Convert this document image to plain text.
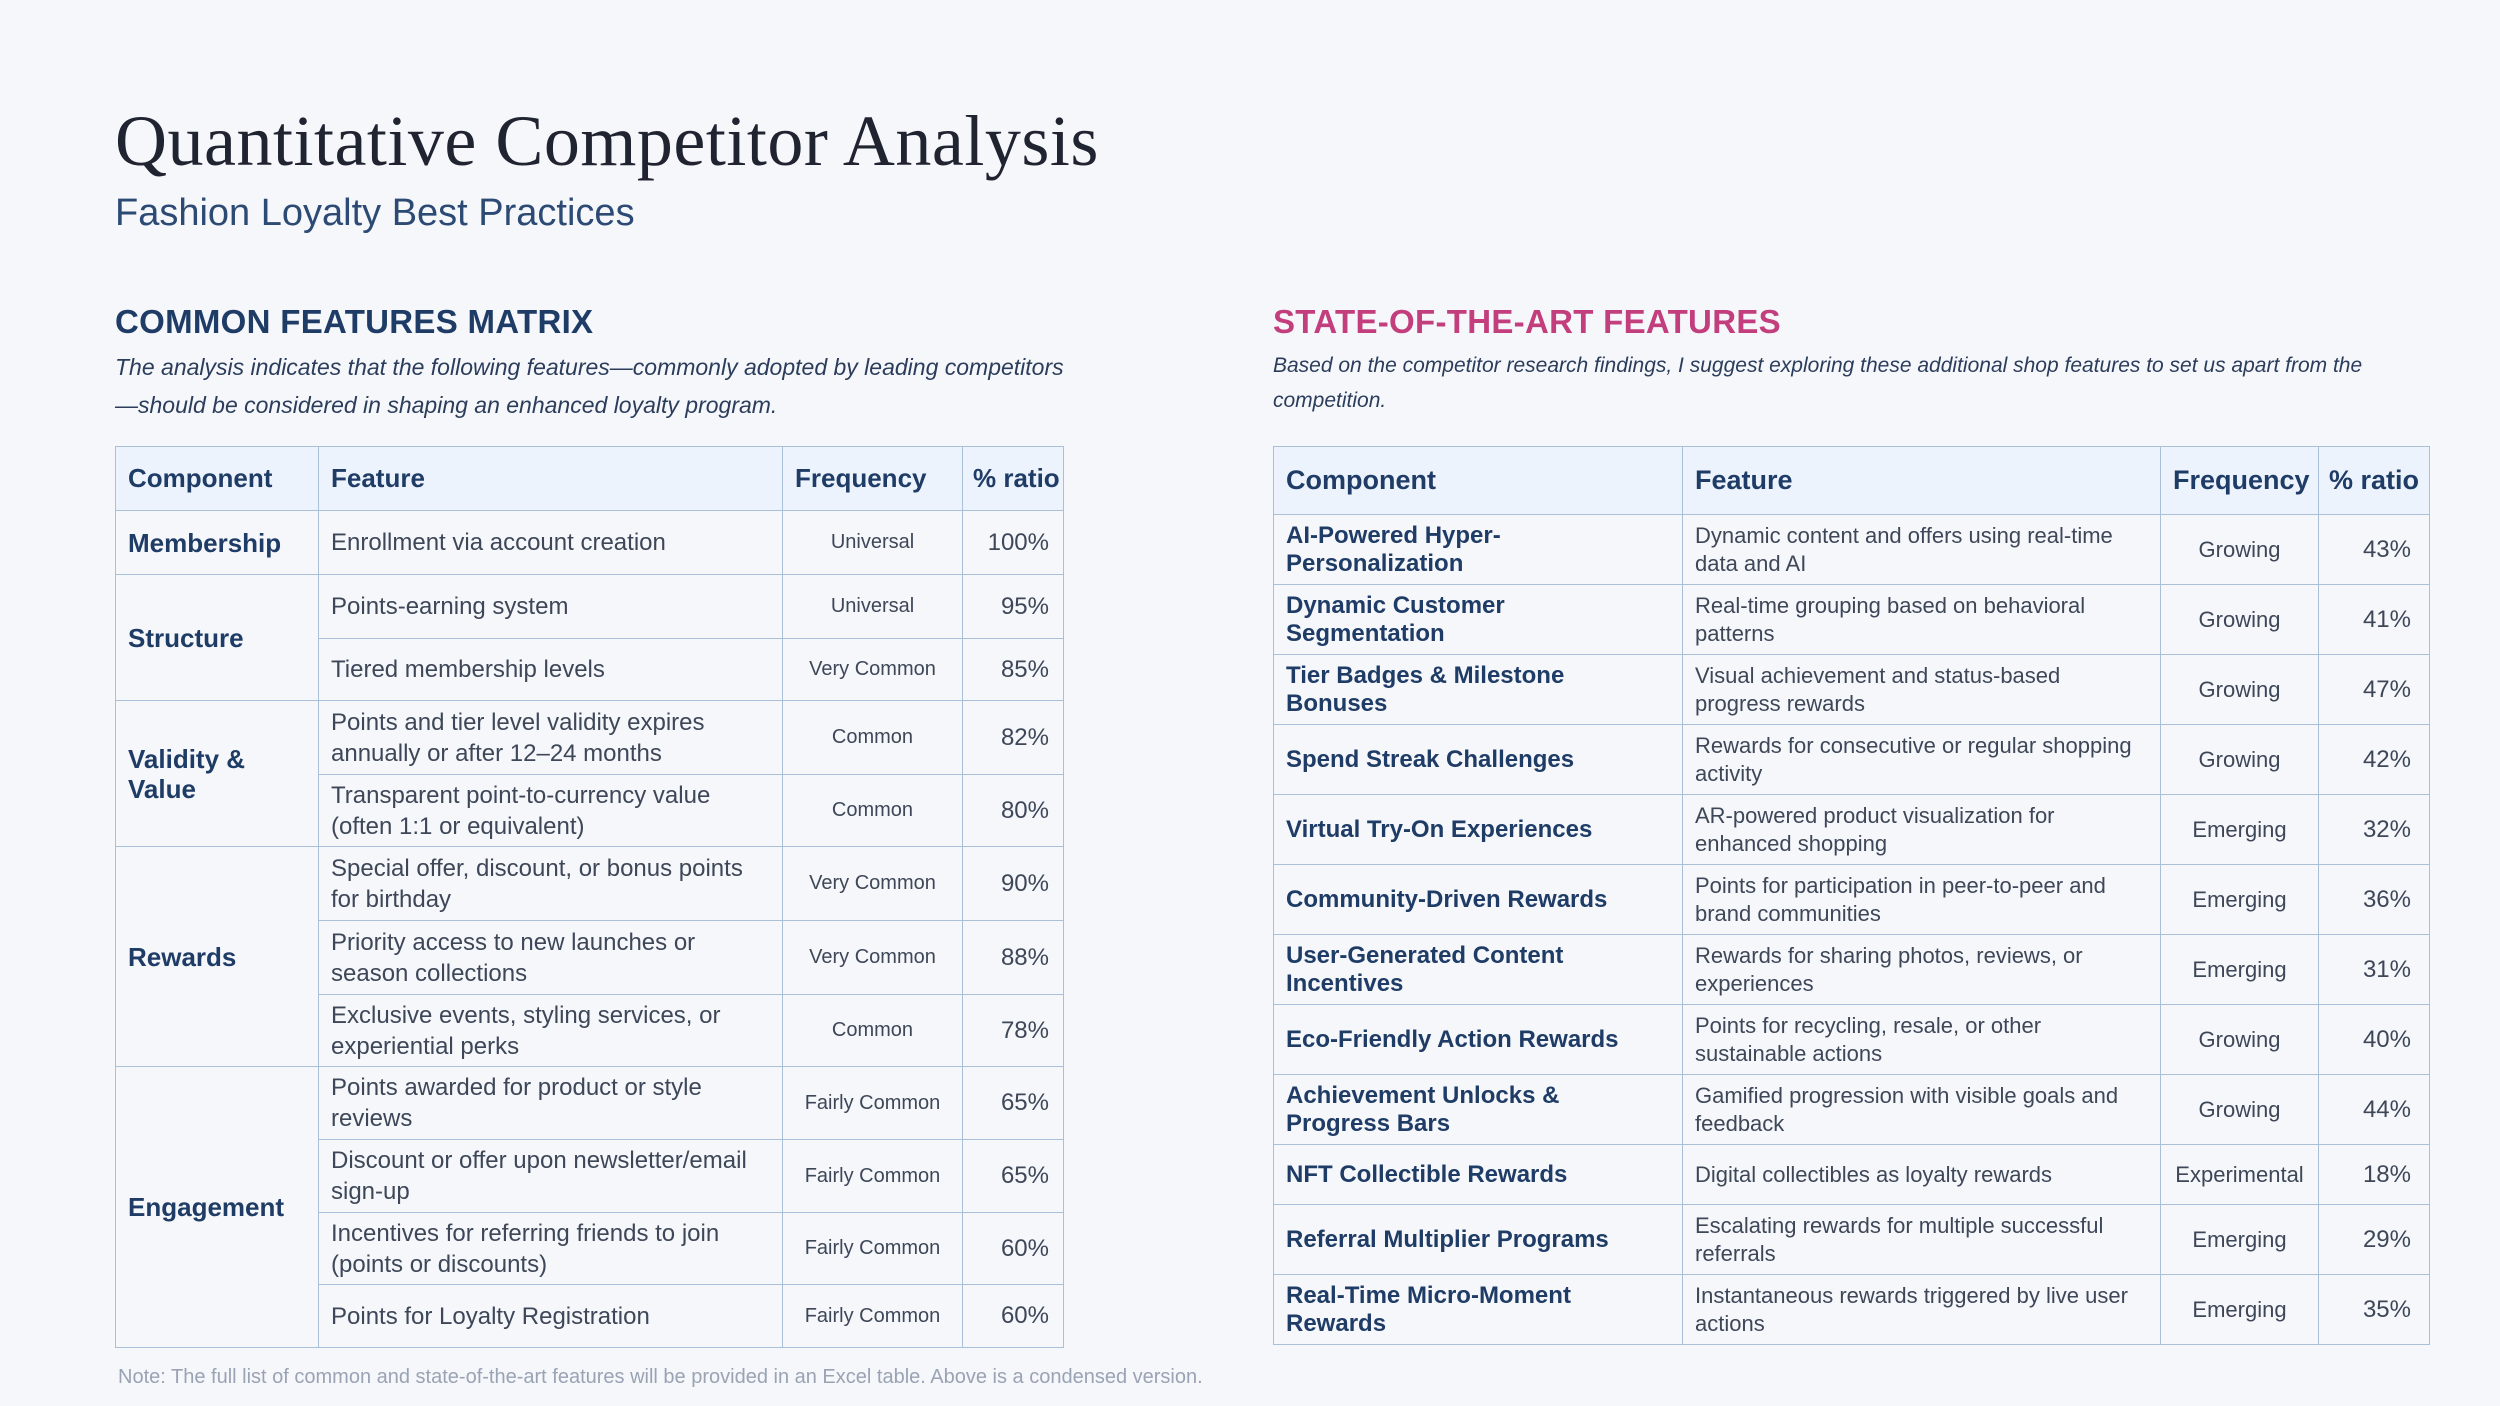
Quantitative Competitor Analysis
Fashion Loyalty Best Practices
COMMON FEATURES MATRIX

The analysis indicates that the following features—commonly adopted by leading competitors—should be considered in shaping an enhanced loyalty program.

Component	Feature	Frequency	% ratio
Membership	Enrollment via account creation	Universal	100%
Structure	Points-earning system	Universal	95%
	Tiered membership levels	Very Common	85%
Validity & Value	Points and tier level validity expires annually or after 12–24 months	Common	82%
	Transparent point-to-currency value (often 1:1 or equivalent)	Common	80%
Rewards	Special offer, discount, or bonus points for birthday	Very Common	90%
	Priority access to new launches or season collections	Very Common	88%
	Exclusive events, styling services, or experiential perks	Common	78%
Engagement	Points awarded for product or style reviews	Fairly Common	65%
	Discount or offer upon newsletter/email sign-up	Fairly Common	65%
	Incentives for referring friends to join (points or discounts)	Fairly Common	60%
	Points for Loyalty Registration	Fairly Common	60%
STATE-OF-THE-ART FEATURES

Based on the competitor research findings, I suggest exploring these additional shop features to set us apart from the competition.

Component	Feature	Frequency	% ratio
AI-Powered Hyper-Personalization	Dynamic content and offers using real-time data and AI	Growing	43%
Dynamic Customer Segmentation	Real-time grouping based on behavioral patterns	Growing	41%
Tier Badges & Milestone Bonuses	Visual achievement and status-based progress rewards	Growing	47%
Spend Streak Challenges	Rewards for consecutive or regular shopping activity	Growing	42%
Virtual Try-On Experiences	AR-powered product visualization for enhanced shopping	Emerging	32%
Community-Driven Rewards	Points for participation in peer-to-peer and brand communities	Emerging	36%
User-Generated Content Incentives	Rewards for sharing photos, reviews, or experiences	Emerging	31%
Eco-Friendly Action Rewards	Points for recycling, resale, or other sustainable actions	Growing	40%
Achievement Unlocks & Progress Bars	Gamified progression with visible goals and feedback	Growing	44%
NFT Collectible Rewards	Digital collectibles as loyalty rewards	Experimental	18%
Referral Multiplier Programs	Escalating rewards for multiple successful referrals	Emerging	29%
Real-Time Micro-Moment Rewards	Instantaneous rewards triggered by live user actions	Emerging	35%

Note: The full list of common and state-of-the-art features will be provided in an Excel table. Above is a condensed version.
